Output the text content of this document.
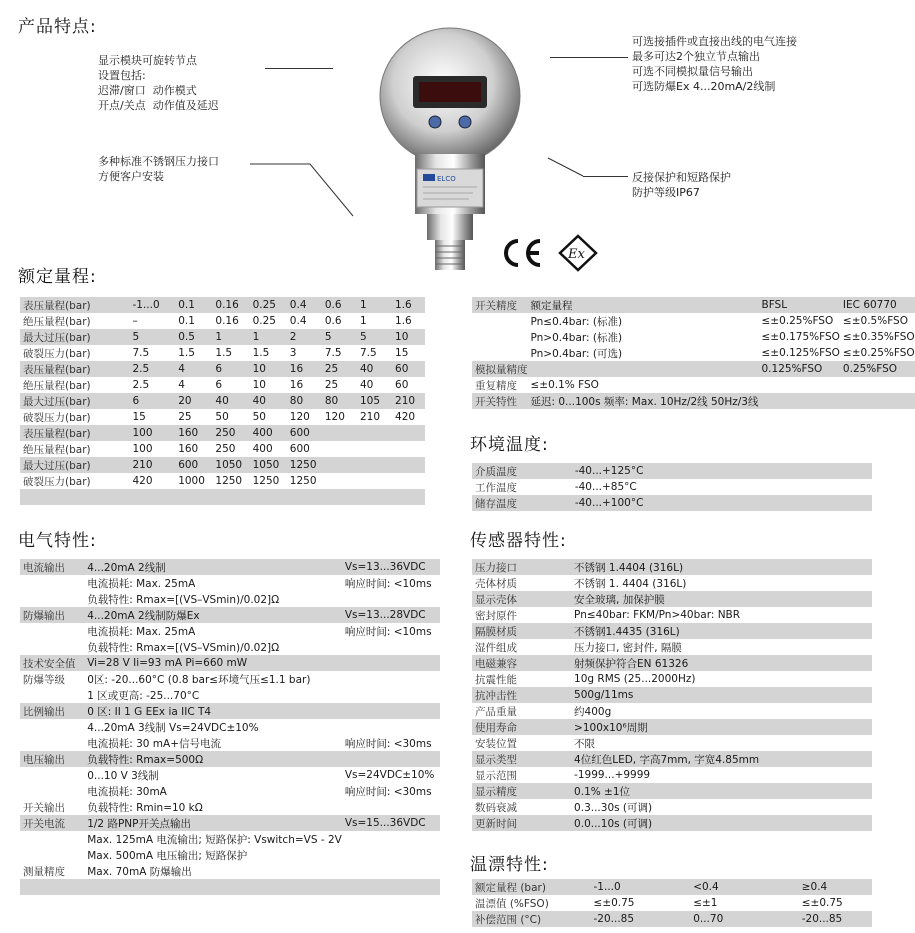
产品特点:
额定量程:
电气特性:
环境温度:
传感器特性:
温漂特性:
显示模块可旋转节点
设置包括:
迟滞/窗口  动作模式
开点/关点  动作值及延迟
多种标准不锈钢压力接口
方便客户安装
可选接插件或直接出线的电气连接
最多可达2个独立节点输出
可选不同模拟量信号输出
可选防爆Ex 4...20mA/2线制
反接保护和短路保护
防护等级IP67
ELCO
Ex
表压量程(bar)	-1...0	0.1	0.16	0.25	0.4	0.6	1	1.6
绝压量程(bar)	–	0.1	0.16	0.25	0.4	0.6	1	1.6
最大过压(bar)	5	0.5	1	1	2	5	5	10
破裂压力(bar)	7.5	1.5	1.5	1.5	3	7.5	7.5	15
表压量程(bar)	2.5	4	6	10	16	25	40	60
绝压量程(bar)	2.5	4	6	10	16	25	40	60
最大过压(bar)	6	20	40	40	80	80	105	210
破裂压力(bar)	15	25	50	50	120	120	210	420
表压量程(bar)	100	160	250	400	600			
绝压量程(bar)	100	160	250	400	600			
最大过压(bar)	210	600	1050	1050	1250			
破裂压力(bar)	420	1000	1250	1250	1250			

电流输出	4...20mA 2线制	Vs=13...36VDC
	电流损耗: Max. 25mA	响应时间: <10ms
	负载特性: Rmax=[(VS–VSmin)/0.02]Ω	
防爆输出	4...20mA 2线制防爆Ex	Vs=13...28VDC
	电流损耗: Max. 25mA	响应时间: <10ms
	负载特性: Rmax=[(VS–VSmin)/0.02]Ω	
技术安全值	Vi=28 V Ii=93 mA Pi=660 mW	
防爆等级	0区: -20...60°C (0.8 bar≤环境气压≤1.1 bar)	
	1 区或更高: -25...70°C	
比例输出	0 区: II 1 G EEx ia IIC T4	
	4...20mA 3线制 Vs=24VDC±10%	
	电流损耗: 30 mA+信号电流	响应时间: <30ms
电压输出	负载特性: Rmax=500Ω	
	0...10 V 3线制	Vs=24VDC±10%
	电流损耗: 30mA	响应时间: <30ms
开关输出	负载特性: Rmin=10 kΩ	
开关电流	1/2 路PNP开关点输出	Vs=15...36VDC
	Max. 125mA 电流输出; 短路保护: Vswitch=VS - 2V	
	Max. 500mA 电压输出; 短路保护	
测量精度	Max. 70mA 防爆输出	

开关精度	额定量程	BFSL	IEC 60770
	Pn≤0.4bar: (标准)	≤±0.25%FSO	≤±0.5%FSO
	Pn>0.4bar: (标准)	≤±0.175%FSO	≤±0.35%FSO
	Pn>0.4bar: (可选)	≤±0.125%FSO	≤±0.25%FSO
模拟量精度		0.125%FSO	0.25%FSO
重复精度	≤±0.1% FSO		
开关特性	延迟: 0...100s 频率: Max. 10Hz/2线 50Hz/3线		
介质温度	-40...+125°C
工作温度	-40...+85°C
储存温度	-40...+100°C
压力接口	不锈钢 1.4404 (316L)
壳体材质	不锈钢 1. 4404 (316L)
显示壳体	安全玻璃, 加保护膜
密封原件	Pn≤40bar: FKM/Pn>40bar: NBR
隔膜材质	不锈钢1.4435 (316L)
湿件组成	压力接口, 密封件, 隔膜
电磁兼容	射频保护符合EN 61326
抗震性能	10g RMS (25...2000Hz)
抗冲击性	500g/11ms
产品重量	约400g
使用寿命	>100x10⁶周期
安装位置	不限
显示类型	4位红色LED, 字高7mm, 字宽4.85mm
显示范围	-1999...+9999
显示精度	0.1% ±1位
数码衰减	0.3...30s (可调)
更新时间	0.0...10s (可调)
额定量程 (bar)	-1...0	<0.4	≥0.4
温漂值 (%FSO)	≤±0.75	≤±1	≤±0.75
补偿范围 (°C)	-20...85	0...70	-20...85
